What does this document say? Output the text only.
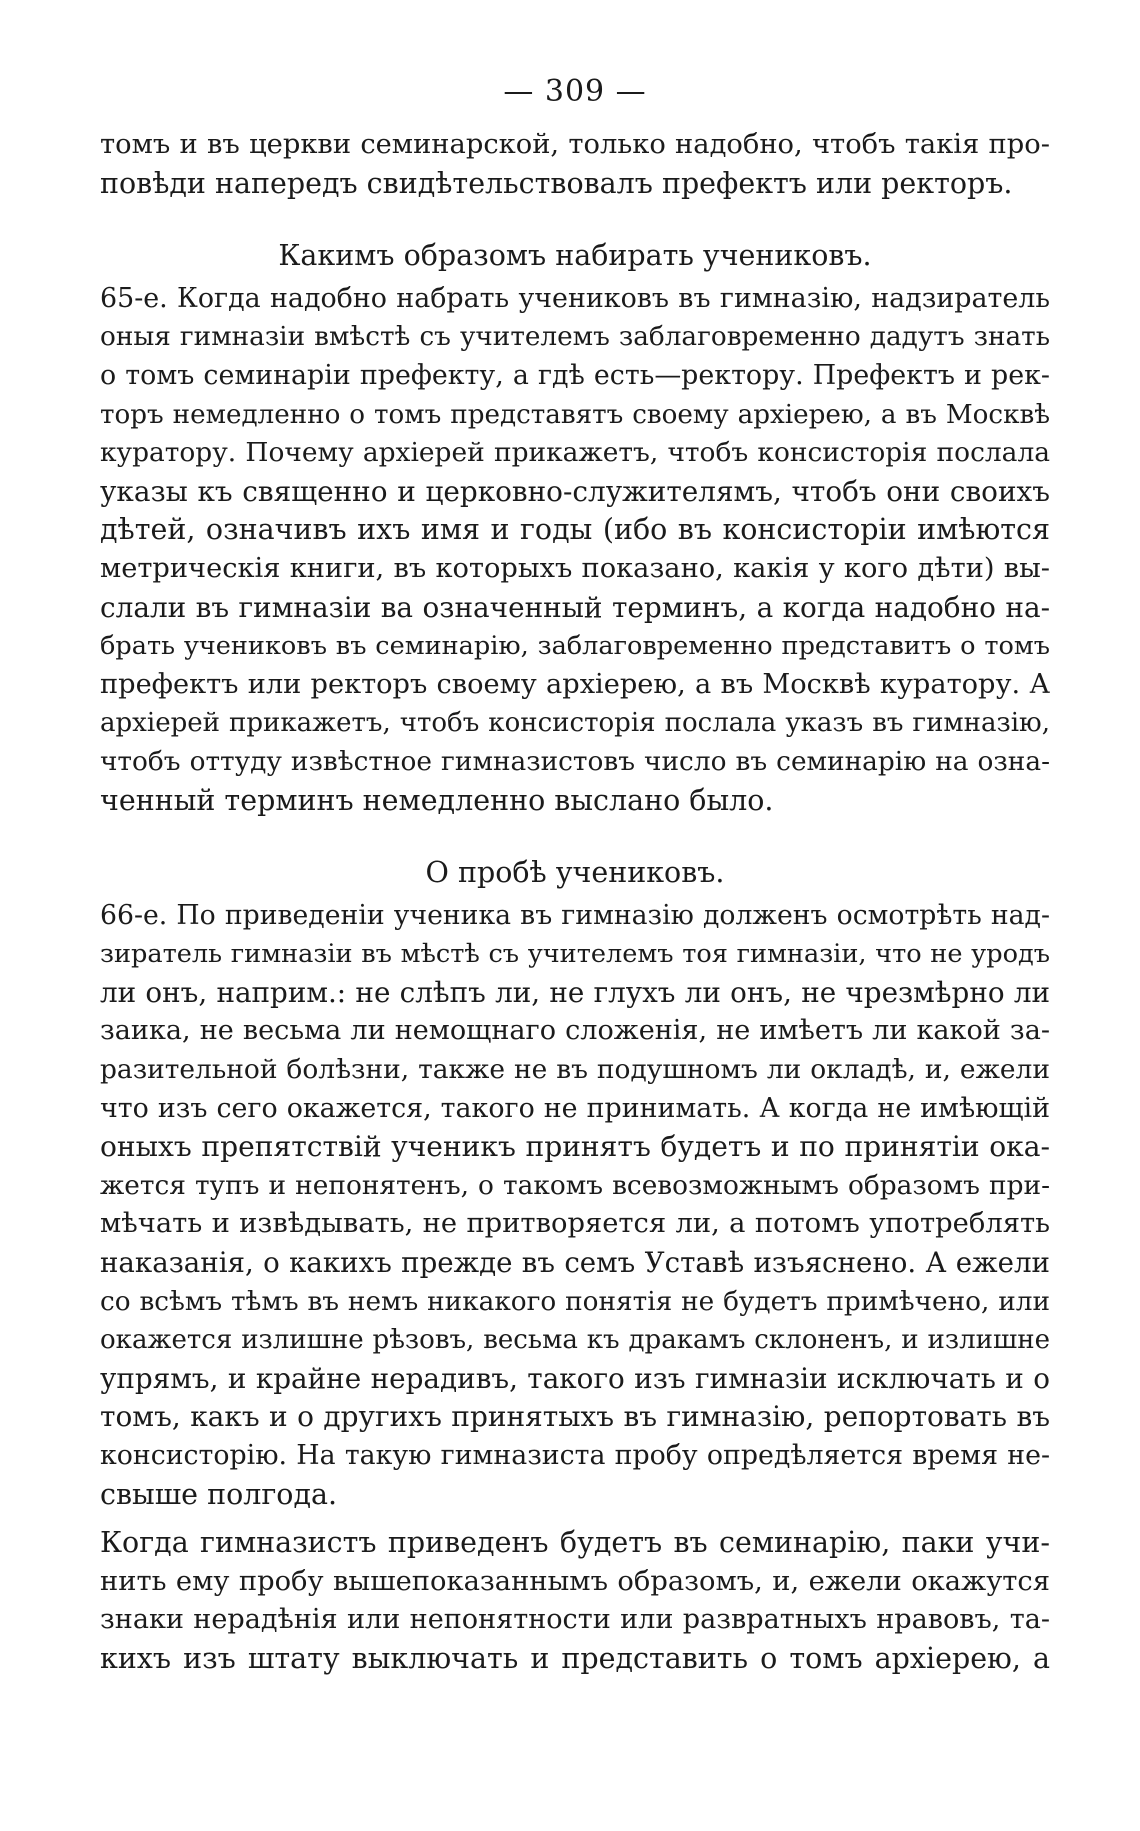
— 309 —
томъ и въ церкви семинарской, только надобно, чтобъ такія про-
повѣди напередъ свидѣтельствовалъ префектъ или ректоръ.
Какимъ образомъ набирать учениковъ.
65-е. Когда надобно набрать учениковъ въ гимназію, надзиратель
оныя гимназіи вмѣстѣ съ учителемъ заблаговременно дадутъ знать
о томъ семинаріи префекту, а гдѣ есть—ректору. Префектъ и рек-
торъ немедленно о томъ представятъ своему архіерею, а въ Москвѣ
куратору. Почему архіерей прикажетъ, чтобъ консисторія послала
указы къ священно и церковно-служителямъ, чтобъ они своихъ
дѣтей, означивъ ихъ имя и годы (ибо въ консисторіи имѣются
метрическія книги, въ которыхъ показано, какія у кого дѣти) вы-
слали въ гимназіи ва означенный терминъ, а когда надобно на-
брать учениковъ въ семинарію, заблаговременно представитъ о томъ
префектъ или ректоръ своему архіерею, а въ Москвѣ куратору. А
архіерей прикажетъ, чтобъ консисторія послала указъ въ гимназію,
чтобъ оттуду извѣстное гимназистовъ число въ семинарію на озна-
ченный терминъ немедленно выслано было.
О пробѣ учениковъ.
66-е. По приведеніи ученика въ гимназію долженъ осмотрѣть над-
зиратель гимназіи въ мѣстѣ съ учителемъ тоя гимназіи, что не уродъ
ли онъ, наприм.: не слѣпъ ли, не глухъ ли онъ, не чрезмѣрно ли
заика, не весьма ли немощнаго сложенія, не имѣетъ ли какой за-
разительной болѣзни, также не въ подушномъ ли окладѣ, и, ежели
что изъ сего окажется, такого не принимать. А когда не имѣющій
оныхъ препятствій ученикъ принятъ будетъ и по принятіи ока-
жется тупъ и непонятенъ, о такомъ всевозможнымъ образомъ при-
мѣчать и извѣдывать, не притворяется ли, а потомъ употреблять
наказанія, о какихъ прежде въ семъ Уставѣ изъяснено. А ежели
со всѣмъ тѣмъ въ немъ никакого понятія не будетъ примѣчено, или
окажется излишне рѣзовъ, весьма къ дракамъ склоненъ, и излишне
упрямъ, и крайне нерадивъ, такого изъ гимназіи исключать и о
томъ, какъ и о другихъ принятыхъ въ гимназію, репортовать въ
консисторію. На такую гимназиста пробу опредѣляется время не-
свыше полгода.
Когда гимназистъ приведенъ будетъ въ семинарію, паки учи-
нить ему пробу вышепоказаннымъ образомъ, и, ежели окажутся
знаки нерадѣнія или непонятности или развратныхъ нравовъ, та-
кихъ изъ штату выключать и представить о томъ архіерею, а
